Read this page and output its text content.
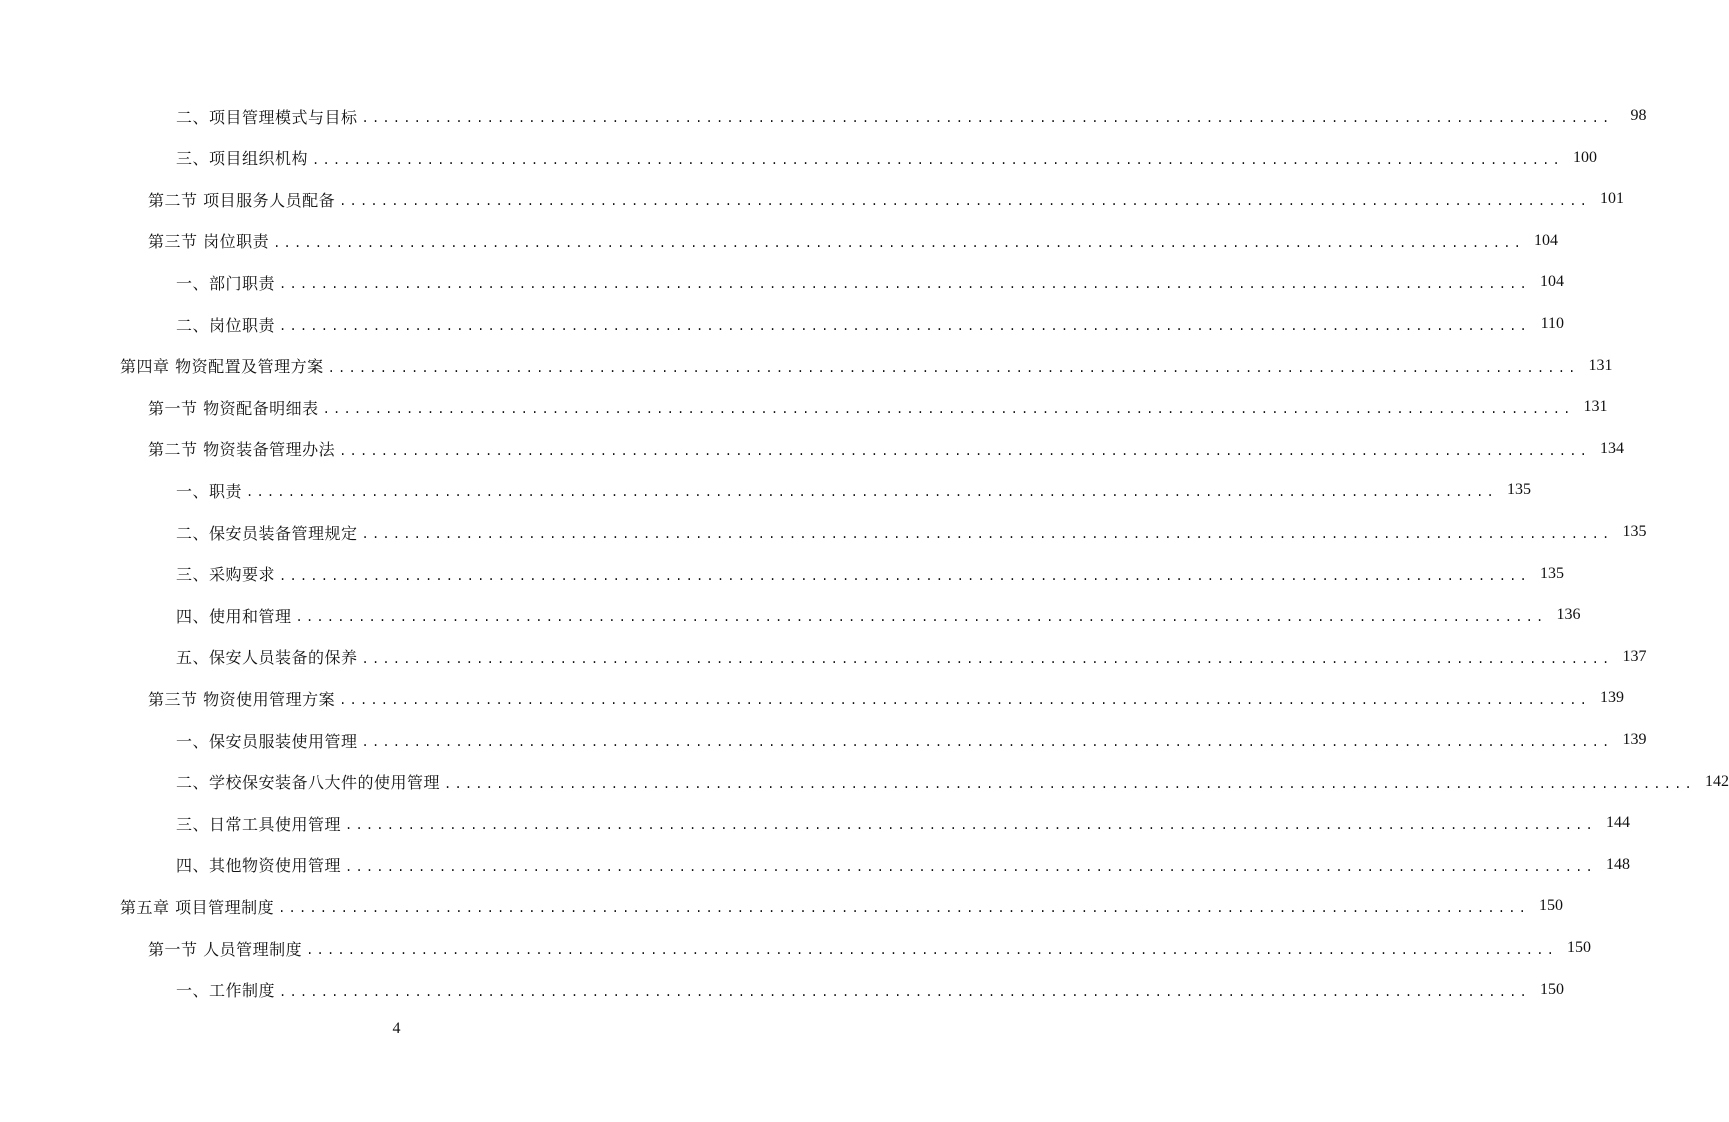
二、项目管理模式与目标 ........................................................................................................................	98
三、项目组织机构 ........................................................................................................................ 100
第二节 项目服务人员配备 ........................................................................................................................ 101
第三节 岗位职责 ........................................................................................................................ 104
一、部门职责 ........................................................................................................................ 104
二、岗位职责 ........................................................................................................................ 110
第四章 物资配置及管理方案 ........................................................................................................................ 131
第一节 物资配备明细表 ........................................................................................................................ 131
第二节 物资装备管理办法 ........................................................................................................................ 134
一、职责 ........................................................................................................................ 135
二、保安员装备管理规定 ........................................................................................................................ 135
三、采购要求 ........................................................................................................................ 135
四、使用和管理 ........................................................................................................................ 136
五、保安人员装备的保养 ........................................................................................................................ 137
第三节 物资使用管理方案 ........................................................................................................................ 139
一、保安员服装使用管理 ........................................................................................................................ 139
二、学校保安装备八大件的使用管理 ........................................................................................................................ 142
三、日常工具使用管理 ........................................................................................................................ 144
四、其他物资使用管理 ........................................................................................................................ 148
第五章 项目管理制度 ........................................................................................................................ 150
第一节 人员管理制度 ........................................................................................................................ 150
一、工作制度 ........................................................................................................................ 150
4
